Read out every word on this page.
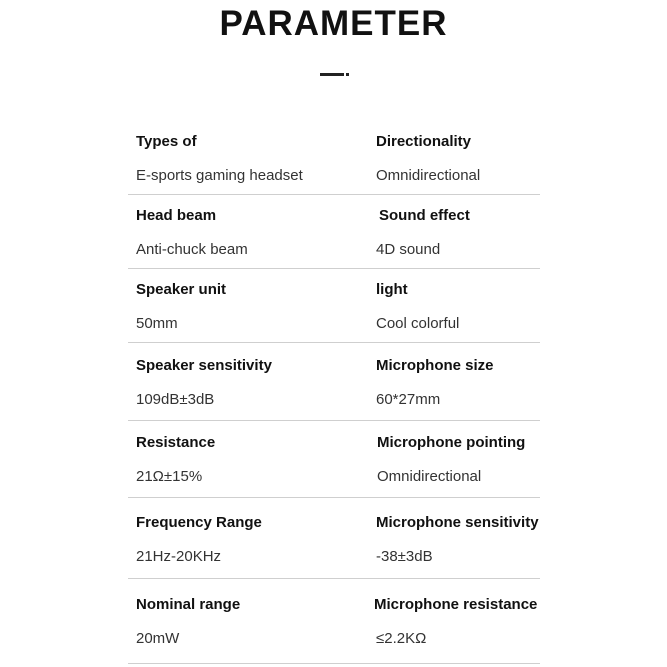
PARAMETER
Types of
E-sports gaming headset
Directionality
Omnidirectional
Head beam
Anti-chuck beam
Sound effect
4D sound
Speaker unit
50mm
light
Cool colorful
Speaker sensitivity
109dB±3dB
Microphone size
60*27mm
Resistance
21Ω±15%
Microphone pointing
Omnidirectional
Frequency Range
21Hz-20KHz
Microphone sensitivity
-38±3dB
Nominal range
20mW
Microphone resistance
≤2.2KΩ
